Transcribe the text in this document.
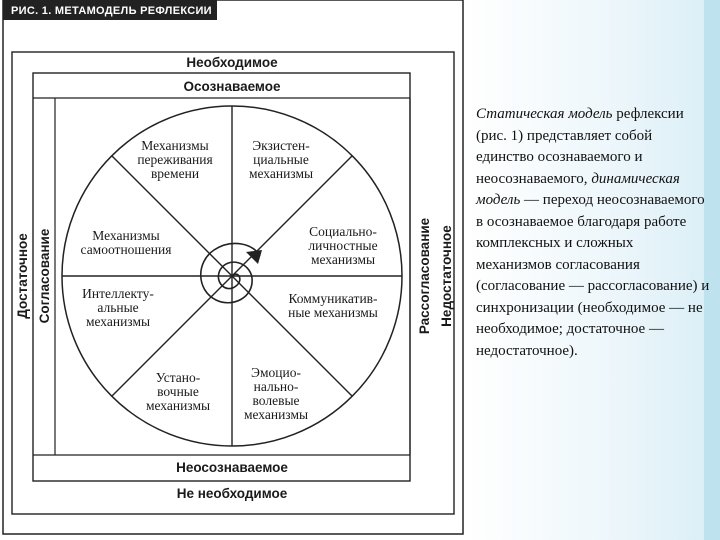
РИС. 1. МЕТАМОДЕЛЬ РЕФЛЕКСИИ
Необходимое
Осознаваемое
Неосознаваемое
Не необходимое
Достаточное Согласование	Рассогласование Недостаточное
Механизмы переживания времени
Экзистен-циальные механизмы
Социально-личностные механизмы
Коммуникатив-ные механизмы
Эмоцио-нально-волевые механизмы
Устано-вочные механизмы
Интеллекту-альные механизмы
Механизмы самоотношения

Статическая модель рефлексии (рис. 1) представляет собой единство осознаваемого и неосознаваемого, динамическая модель — переход неосознаваемого в осознаваемое благодаря работе комплексных и сложных механизмов согласования (согласование — рассогласование) и синхронизации (необходимое — не необходимое; достаточное — недостаточное).
